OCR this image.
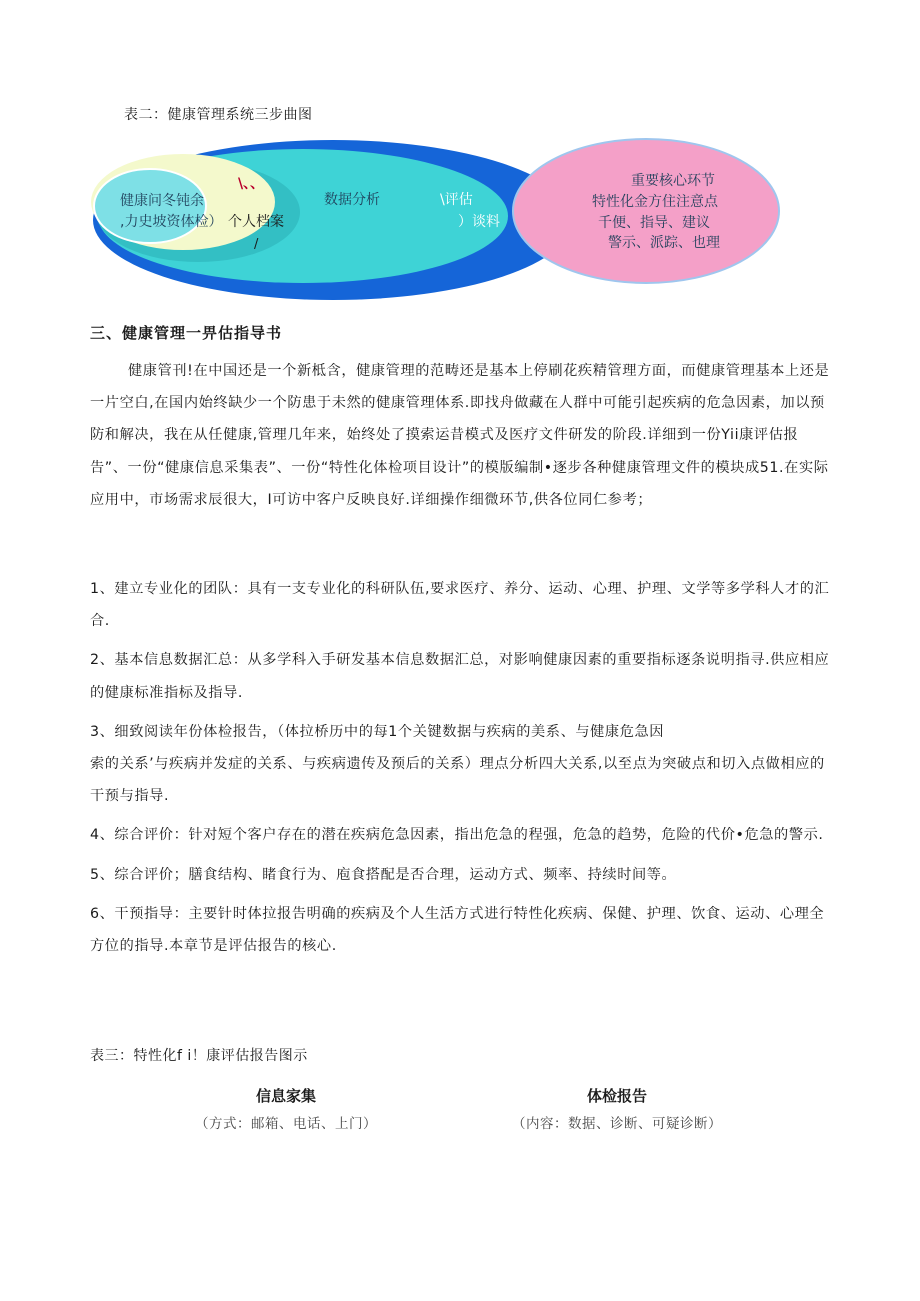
表二：健康管理系统三步曲图
健康问冬钝余
,力史坡资体检）
\、、
个人档案
/
数据分析	\评估
）谈料
重要核心环节
特性化金方住注意点
千便、指导、建议
警示、派踪、也理
三、健康管理一畀估指导书

健康管刊!在中国还是一个新柢含，健康管理的范畴还是基本上停刷花疾精管理方面，而健康管理基本上还是一片空白,在国内始终缺少一个防患于未然的健康管理体系.即找舟做藏在人群中可能引起疾病的危急因素，加以预防和解决，我在从任健康,管理几年来，始终处了摸索运昔模式及医疗文件研发的阶段.详细到一份Yii康评估报告”、一份“健康信息采集表”、一份“特性化体检项目设计”的模版编制•逐步各种健康管理文件的模块成51.在实际应用中，市场需求辰很大，I可访中客户反映良好.详细操作细微环节,供各位同仁参考；

1、建立专业化的团队：具有一支专业化的科研队伍,要求医疗、养分、运动、心理、护理、文学等多学科人才的汇合.

2、基本信息数据汇总：从多学科入手研发基本信息数据汇总，对影响健康因素的重要指标逐条说明指寻.供应相应的健康标准指标及指导.

3、细致阅读年份体检报告，（体拉桥历中的每1个关键数据与疾病的美系、与健康危急因

索的关系’与疾病并发症的关系、与疾病遗传及预后的关系）理点分析四大关系,以至点为突破点和切入点做相应的干预与指导.

4、综合评价：针对短个客户存在的潜在疾病危急因素，指出危急的程强，危急的趋势，危险的代价•危急的警示.

5、综合评价；膳食结构、睹食行为、庖食搭配是否合理，运动方式、频率、持续时间等。

6、干预指导：主要针时体拉报告明确的疾病及个人生活方式进行特性化疾病、保健、护理、饮食、运动、心理全方位的指导.本章节是评估报告的核心.

表三：特性化f i！康评估报告图示
信息家集
（方式：邮箱、电话、上门）
体检报告
（内容：数据、诊断、可疑诊断）
